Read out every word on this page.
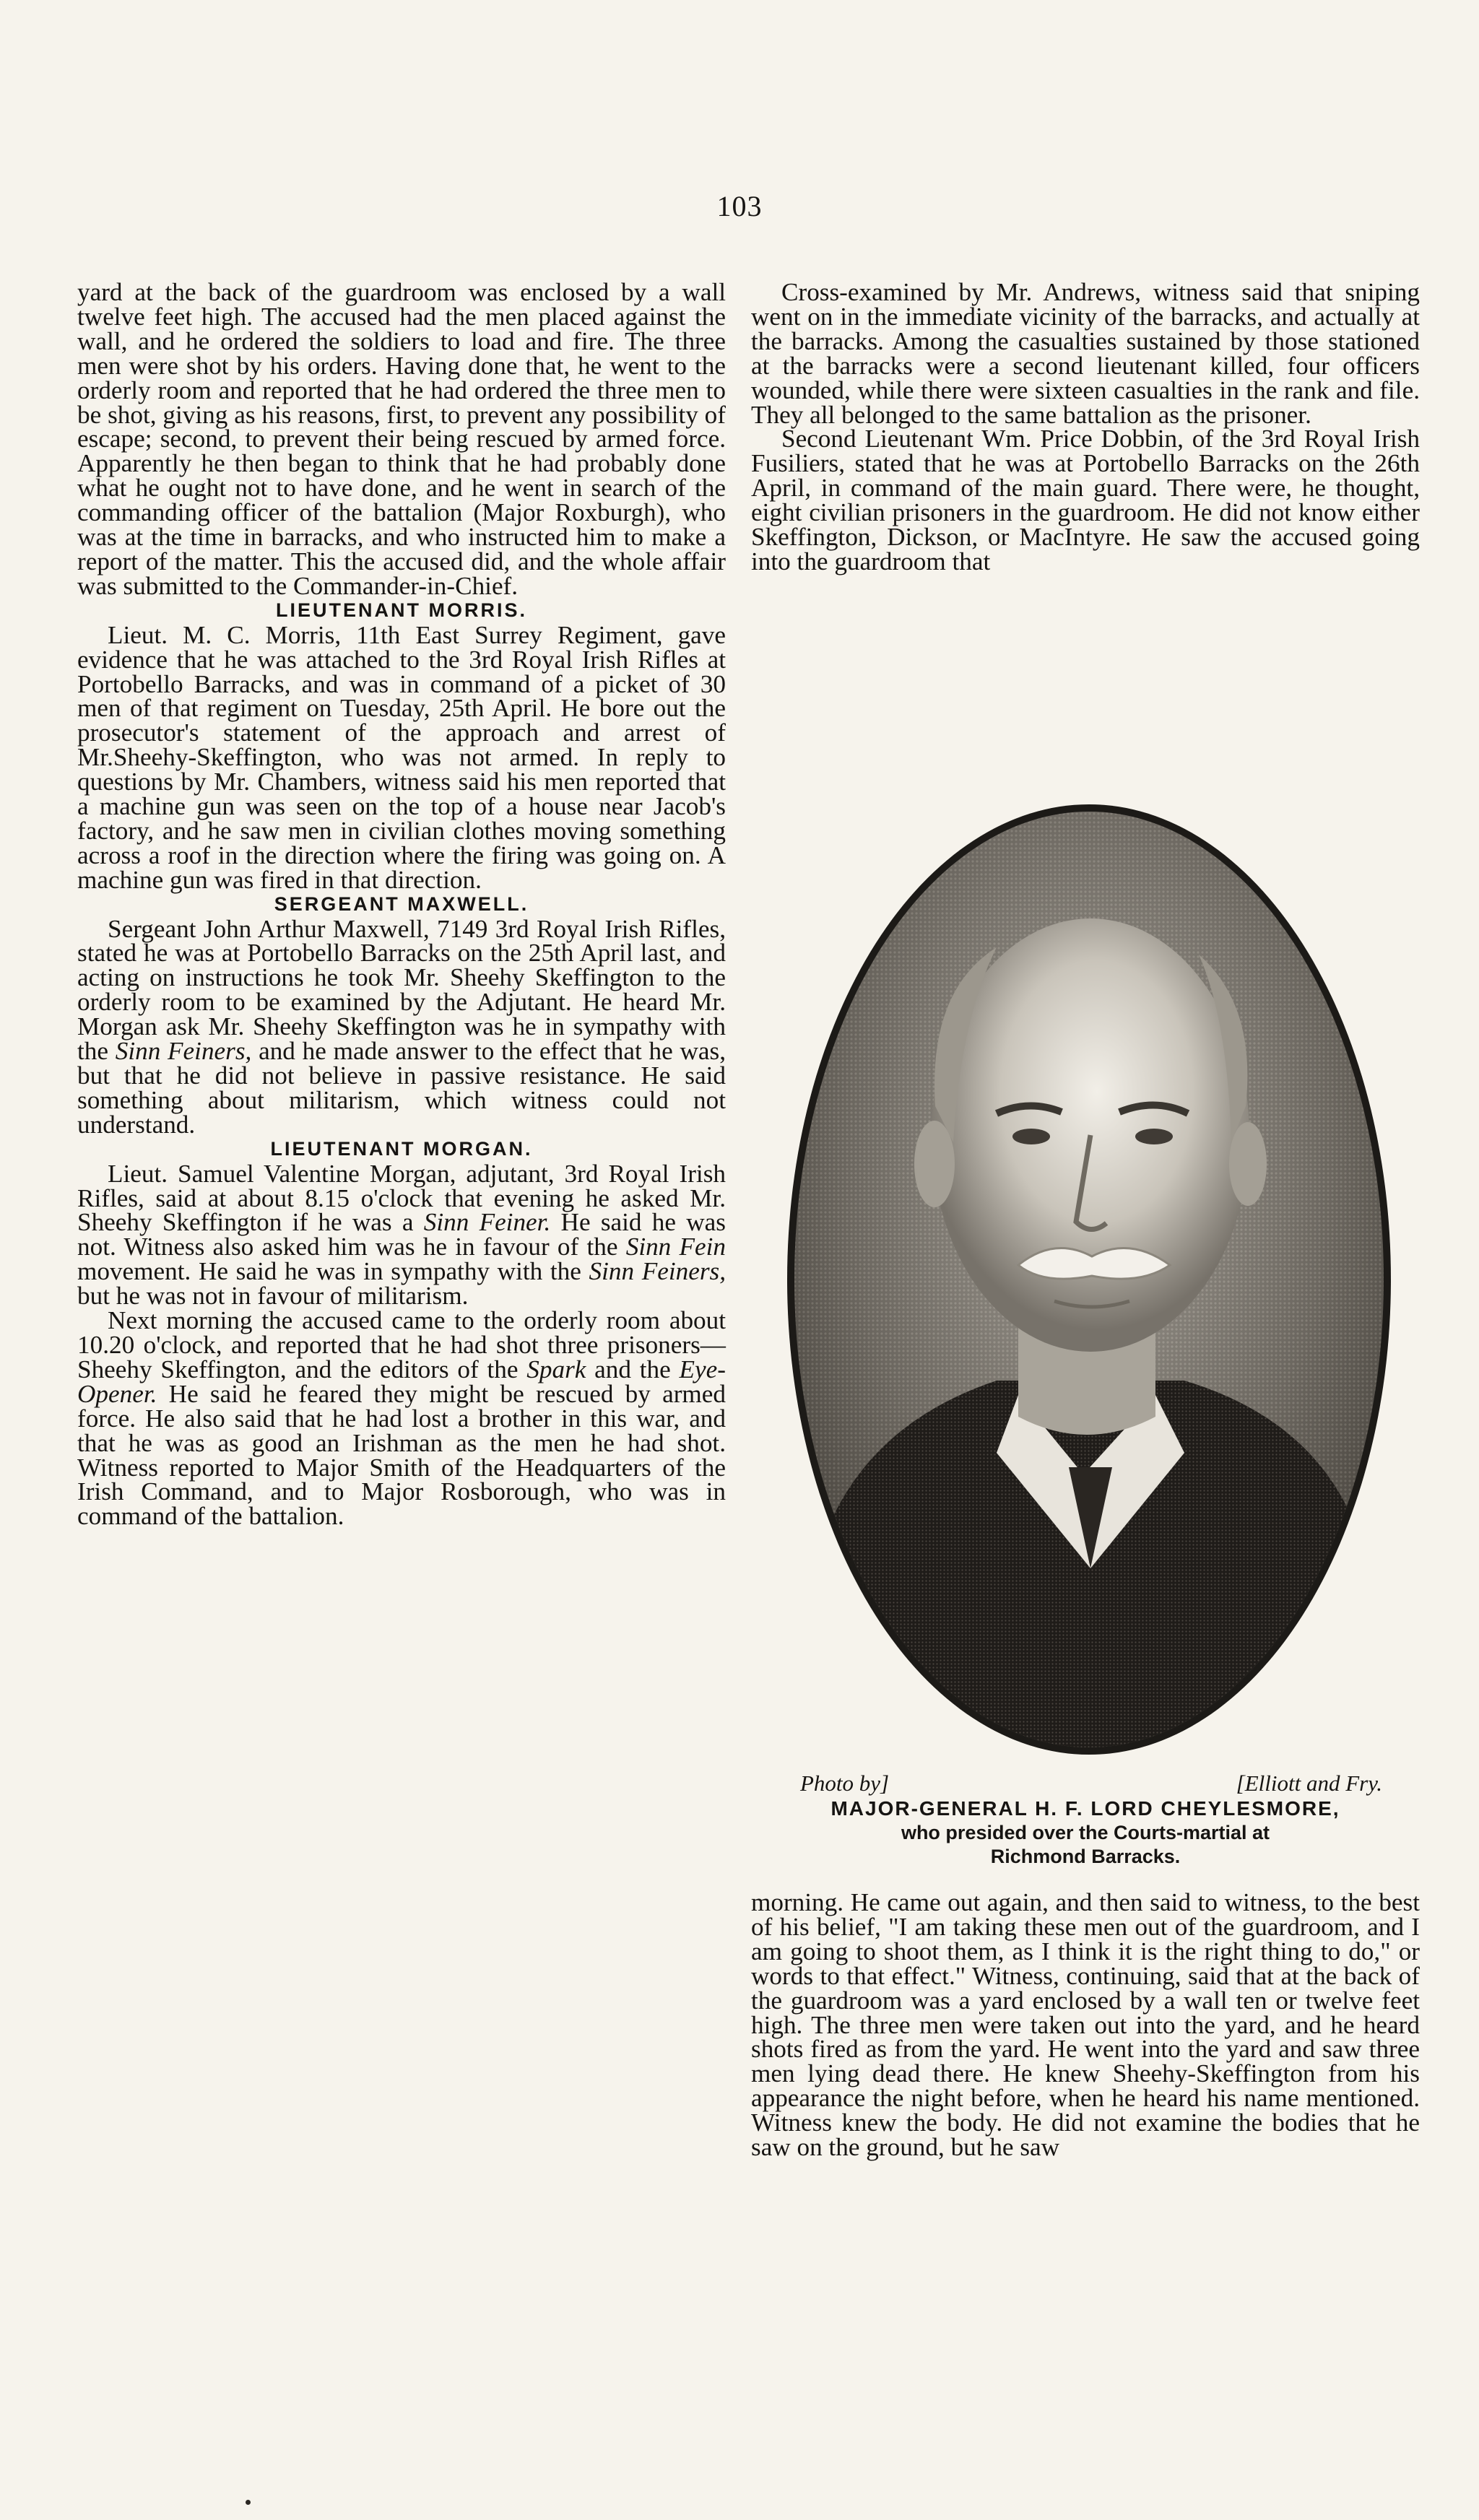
103

yard at the back of the guardroom was enclosed by a wall twelve feet high. The accused had the men placed against the wall, and he ordered the soldiers to load and fire. The three men were shot by his orders. Having done that, he went to the orderly room and reported that he had ordered the three men to be shot, giving as his reasons, first, to prevent any possibility of escape; second, to prevent their being rescued by armed force. Apparently he then began to think that he had probably done what he ought not to have done, and he went in search of the commanding officer of the battalion (Major Roxburgh), who was at the time in barracks, and who instructed him to make a report of the matter. This the accused did, and the whole affair was submitted to the Commander-in-Chief.

LIEUTENANT MORRIS.

Lieut. M. C. Morris, 11th East Surrey Regiment, gave evidence that he was attached to the 3rd Royal Irish Rifles at Portobello Barracks, and was in command of a picket of 30 men of that regiment on Tuesday, 25th April. He bore out the prosecutor's statement of the approach and arrest of Mr.Sheehy-Skeffington, who was not armed. In reply to questions by Mr. Chambers, witness said his men reported that a machine gun was seen on the top of a house near Jacob's factory, and he saw men in civilian clothes moving something across a roof in the direction where the firing was going on. A machine gun was fired in that direction.

SERGEANT MAXWELL.

Sergeant John Arthur Maxwell, 7149 3rd Royal Irish Rifles, stated he was at Portobello Barracks on the 25th April last, and acting on instructions he took Mr. Sheehy Skeffington to the orderly room to be examined by the Adjutant. He heard Mr. Morgan ask Mr. Sheehy Skeffington was he in sympathy with the Sinn Feiners, and he made answer to the effect that he was, but that he did not believe in passive resistance. He said something about militarism, which witness could not understand.

LIEUTENANT MORGAN.

Lieut. Samuel Valentine Morgan, adjutant, 3rd Royal Irish Rifles, said at about 8.15 o'clock that evening he asked Mr. Sheehy Skeffington if he was a Sinn Feiner. He said he was not. Witness also asked him was he in favour of the Sinn Fein movement. He said he was in sympathy with the Sinn Feiners, but he was not in favour of militarism.

Next morning the accused came to the orderly room about 10.20 o'clock, and reported that he had shot three prisoners—Sheehy Skeffington, and the editors of the Spark and the Eye-Opener. He said he feared they might be rescued by armed force. He also said that he had lost a brother in this war, and that he was as good an Irishman as the men he had shot. Witness reported to Major Smith of the Headquarters of the Irish Command, and to Major Rosborough, who was in command of the battalion.

Cross-examined by Mr. Andrews, witness said that sniping went on in the immediate vicinity of the barracks, and actually at the barracks. Among the casualties sustained by those stationed at the barracks were a second lieutenant killed, four officers wounded, while there were sixteen casualties in the rank and file. They all belonged to the same battalion as the prisoner.

Second Lieutenant Wm. Price Dobbin, of the 3rd Royal Irish Fusiliers, stated that he was at Portobello Barracks on the 26th April, in command of the main guard. There were, he thought, eight civilian prisoners in the guardroom. He did not know either Skeffington, Dickson, or MacIntyre. He saw the accused going into the guardroom that

Photo by]	[Elliott and Fry.
MAJOR-GENERAL H. F. LORD CHEYLESMORE,
who presided over the Courts-martial at
Richmond Barracks.

morning. He came out again, and then said to witness, to the best of his belief, "I am taking these men out of the guardroom, and I am going to shoot them, as I think it is the right thing to do," or words to that effect." Witness, continuing, said that at the back of the guardroom was a yard enclosed by a wall ten or twelve feet high. The three men were taken out into the yard, and he heard shots fired as from the yard. He went into the yard and saw three men lying dead there. He knew Sheehy-Skeffington from his appearance the night before, when he heard his name mentioned. Witness knew the body. He did not examine the bodies that he saw on the ground, but he saw
